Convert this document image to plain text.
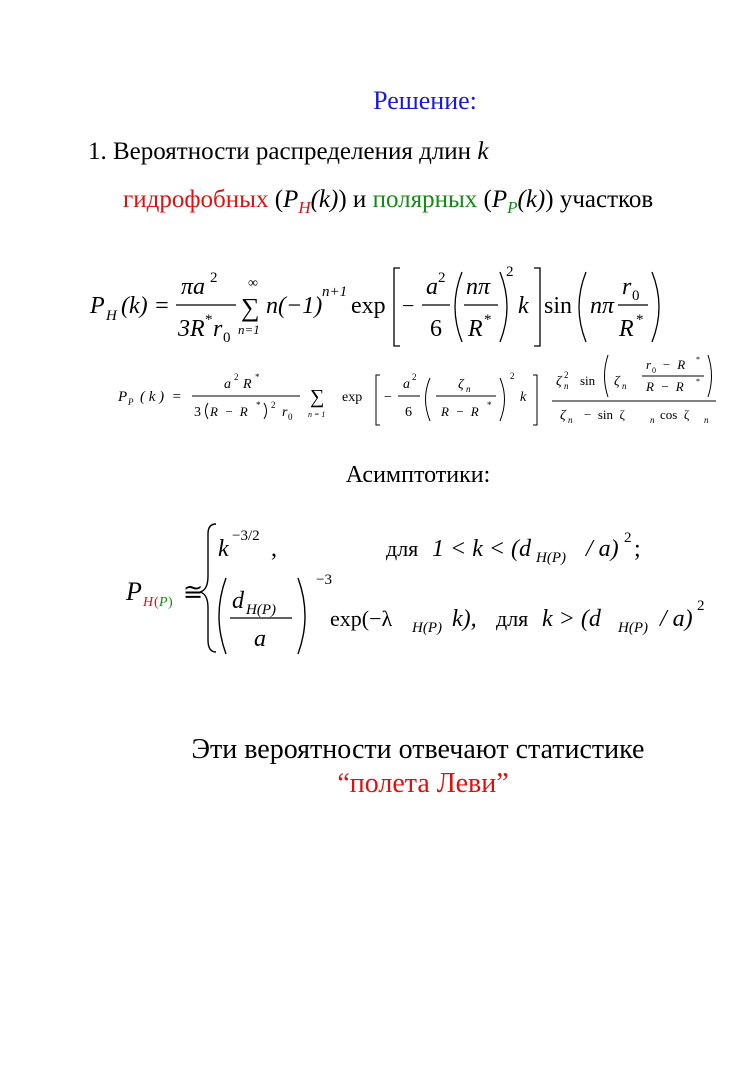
Решение:
1. Вероятности распределения длин k
гидрофобных $(P_H(k))$ и полярных $(P_P(k))$ участков
P H (k) =
πa 2
3R * r 0
∞
∑
n=1
n(−1)
n+1
exp −
a 2
6
nπ
R *
2
k sin nπ
r 0
R *
P P ( k )  =
a 2 R *
3 R  −  R * 2 r 0
∑
n = 1
exp −
a 2
6
ζ n
R  −  R *
2
k
ζ 2
n sin ζ n
r 0 −  R *
R  −  R *
ζ n −  sin  ζ	n cos  ζ n
Асимптотики:
P H ( P ) ≅
k −3/2 ,	для 1 < k < (d H(P) / a) 2 ;
d H(P)
a
−3
exp(−λ H(P) k), для k > (d H(P) / a) 2
Эти вероятности отвечают статистике
“полета Леви”
